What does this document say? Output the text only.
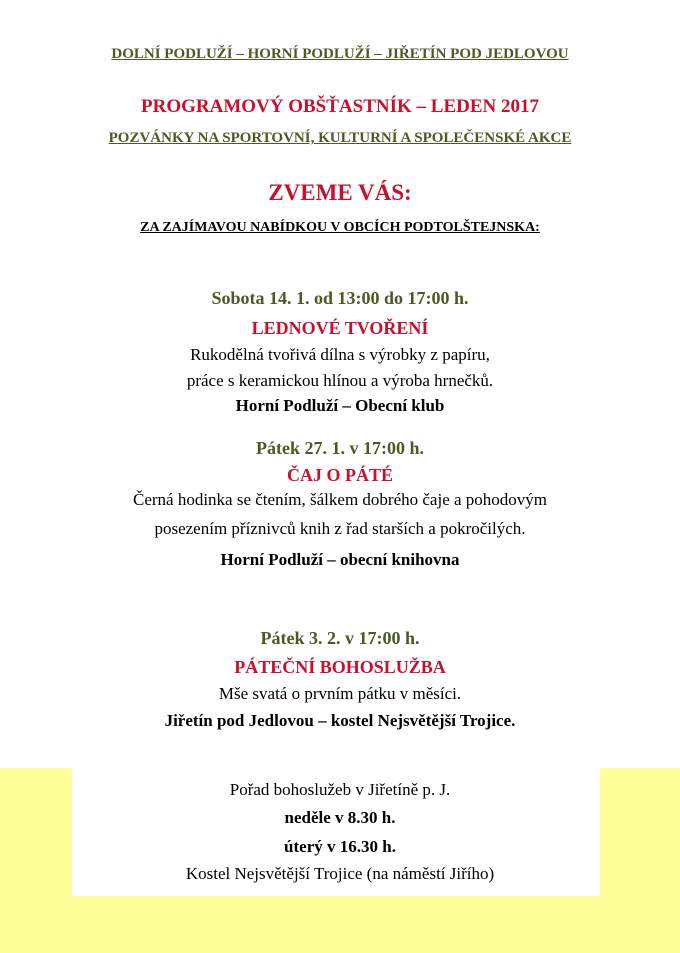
DOLNÍ PODLUŽÍ – HORNÍ PODLUŽÍ – JIŘETÍN POD JEDLOVOU
PROGRAMOVÝ OBŠŤASTNÍK – LEDEN 2017
POZVÁNKY NA SPORTOVNÍ, KULTURNÍ A SPOLEČENSKÉ AKCE
ZVEME VÁS:
ZA ZAJÍMAVOU NABÍDKOU V OBCÍCH PODTOLŠTEJNSKA:
Sobota 14. 1. od 13:00 do 17:00 h.
LEDNOVÉ TVOŘENÍ
Rukodělná tvořivá dílna s výrobky z papíru,
práce s keramickou hlínou a výroba hrnečků.
Horní Podluží – Obecní klub
Pátek 27. 1. v 17:00 h.
ČAJ O PÁTÉ
Černá hodinka se čtením, šálkem dobrého čaje a pohodovým
posezením příznivců knih z řad starších a pokročilých.
Horní Podluží – obecní knihovna
Pátek 3. 2. v 17:00 h.
PÁTEČNÍ BOHOSLUŽBA
Mše svatá o prvním pátku v měsíci.
Jiřetín pod Jedlovou – kostel Nejsvětější Trojice.
Pořad bohoslužeb v Jiřetíně p. J.
neděle v 8.30 h.
úterý v 16.30 h.
Kostel Nejsvětější Trojice (na náměstí Jiřího)
